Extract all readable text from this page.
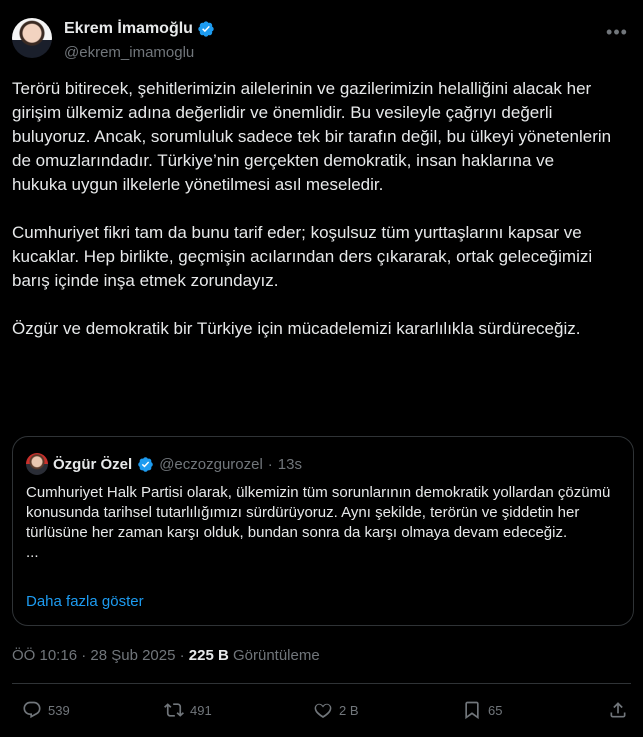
Ekrem İmamoğlu
@ekrem_imamoglu
•••
Terörü bitirecek, şehitlerimizin ailelerinin ve gazilerimizin helalliğini alacak her girişim ülkemiz adına değerlidir ve önemlidir. Bu vesileyle çağrıyı değerli buluyoruz. Ancak, sorumluluk sadece tek bir tarafın değil, bu ülkeyi yönetenlerin de omuzlarındadır. Türkiye’nin gerçekten demokratik, insan haklarına ve hukuka uygun ilkelerle yönetilmesi asıl meseledir.

Cumhuriyet fikri tam da bunu tarif eder; koşulsuz tüm yurttaşlarını kapsar ve kucaklar. Hep birlikte, geçmişin acılarından ders çıkararak, ortak geleceğimizi barış içinde inşa etmek zorundayız.

Özgür ve demokratik bir Türkiye için mücadelemizi kararlılıkla sürdüreceğiz.
Özgür Özel @eczozgurozel · 13s
Cumhuriyet Halk Partisi olarak, ülkemizin tüm sorunlarının demokratik yollardan çözümü konusunda tarihsel tutarlılığımızı sürdürüyoruz. Aynı şekilde, terörün ve şiddetin her türlüsüne her zaman karşı olduk, bundan sonra da karşı olmaya devam edeceğiz.
...
Daha fazla göster
ÖÖ 10:16 · 28 Şub 2025 · 225 B Görüntüleme
539	491	2 B	65
